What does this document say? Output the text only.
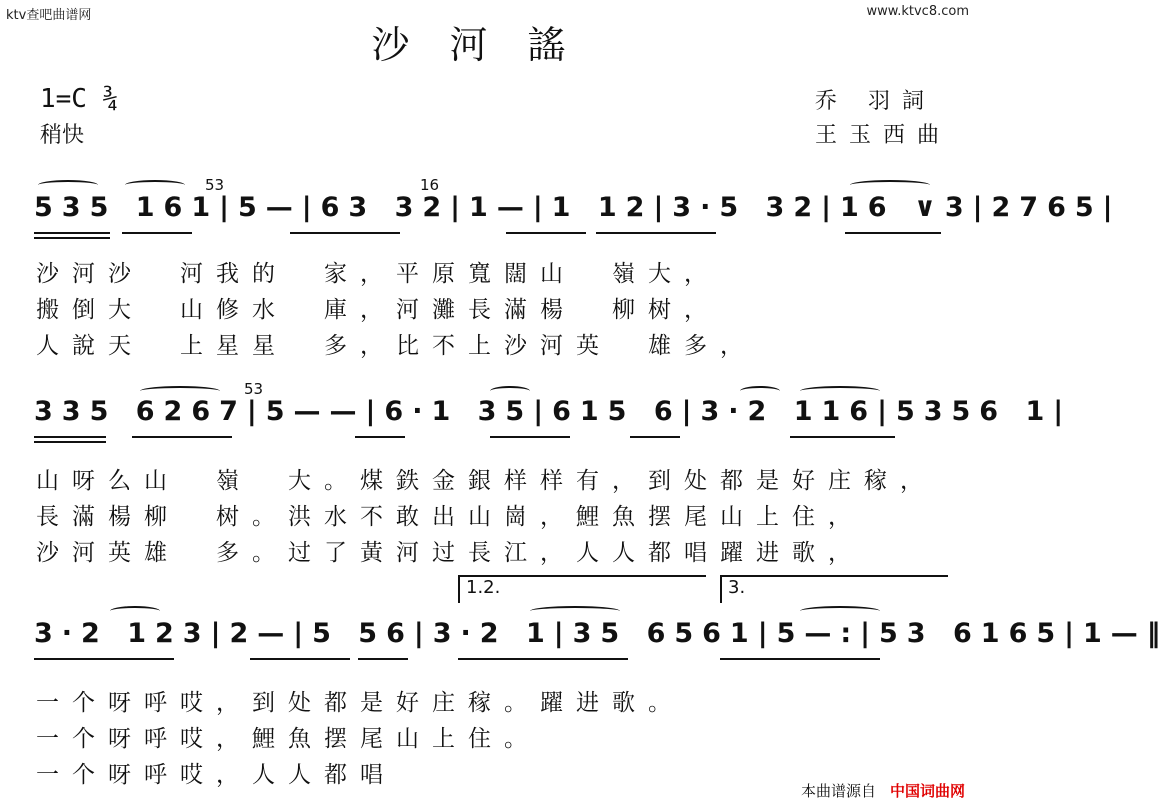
ktv查吧曲谱网	www.ktvc8.com
沙河謠
1=C ¾
稍快
乔 羽詞
王玉西曲
53	16
535 161|5—|63 32|1—|1 12|3·5 32|16 ∨3|2765|
沙河沙　河我的　家，平原寬闊山　嶺大，
搬倒大　山修水　庫，河灘長滿楊　柳树，
人說天　上星星　多，比不上沙河英　雄多，
53
335 6267|5——|6·1 35|615 6|3·2 116|5356 1|
山呀么山　嶺　大。煤鉄金銀样样有，到处都是好庄稼，
長滿楊柳　树。洪水不敢出山崗，鯉魚摆尾山上住，
沙河英雄　多。过了黃河过長江，人人都唱躍进歌，
1.2.	3.
3·2 123|2—|5 56|3·2 1|35 6561|5—:|53 6165|1—‖
一个呀呼哎，到处都是好庄稼。躍进歌。
一个呀呼哎，鯉魚摆尾山上住。
一个呀呼哎，人人都唱
本曲谱源自 中国词曲网
